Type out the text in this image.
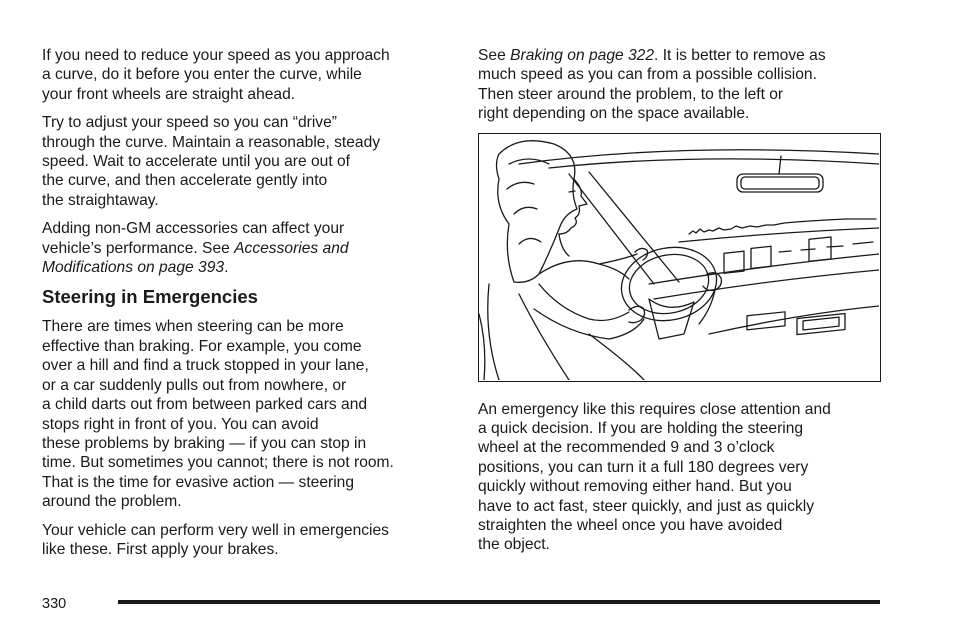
If you need to reduce your speed as you approach
a curve, do it before you enter the curve, while
your front wheels are straight ahead.

Try to adjust your speed so you can “drive”
through the curve. Maintain a reasonable, steady
speed. Wait to accelerate until you are out of
the curve, and then accelerate gently into
the straightaway.

Adding non-GM accessories can affect your
vehicle’s performance. See Accessories and
Modifications on page 393.

Steering in Emergencies

There are times when steering can be more
effective than braking. For example, you come
over a hill and find a truck stopped in your lane,
or a car suddenly pulls out from nowhere, or
a child darts out from between parked cars and
stops right in front of you. You can avoid
these problems by braking — if you can stop in
time. But sometimes you cannot; there is not room.
That is the time for evasive action — steering
around the problem.

Your vehicle can perform very well in emergencies
like these. First apply your brakes.

See Braking on page 322. It is better to remove as
much speed as you can from a possible collision.
Then steer around the problem, to the left or
right depending on the space available.

An emergency like this requires close attention and
a quick decision. If you are holding the steering
wheel at the recommended 9 and 3 o’clock
positions, you can turn it a full 180 degrees very
quickly without removing either hand. But you
have to act fast, steer quickly, and just as quickly
straighten the wheel once you have avoided
the object.

330
